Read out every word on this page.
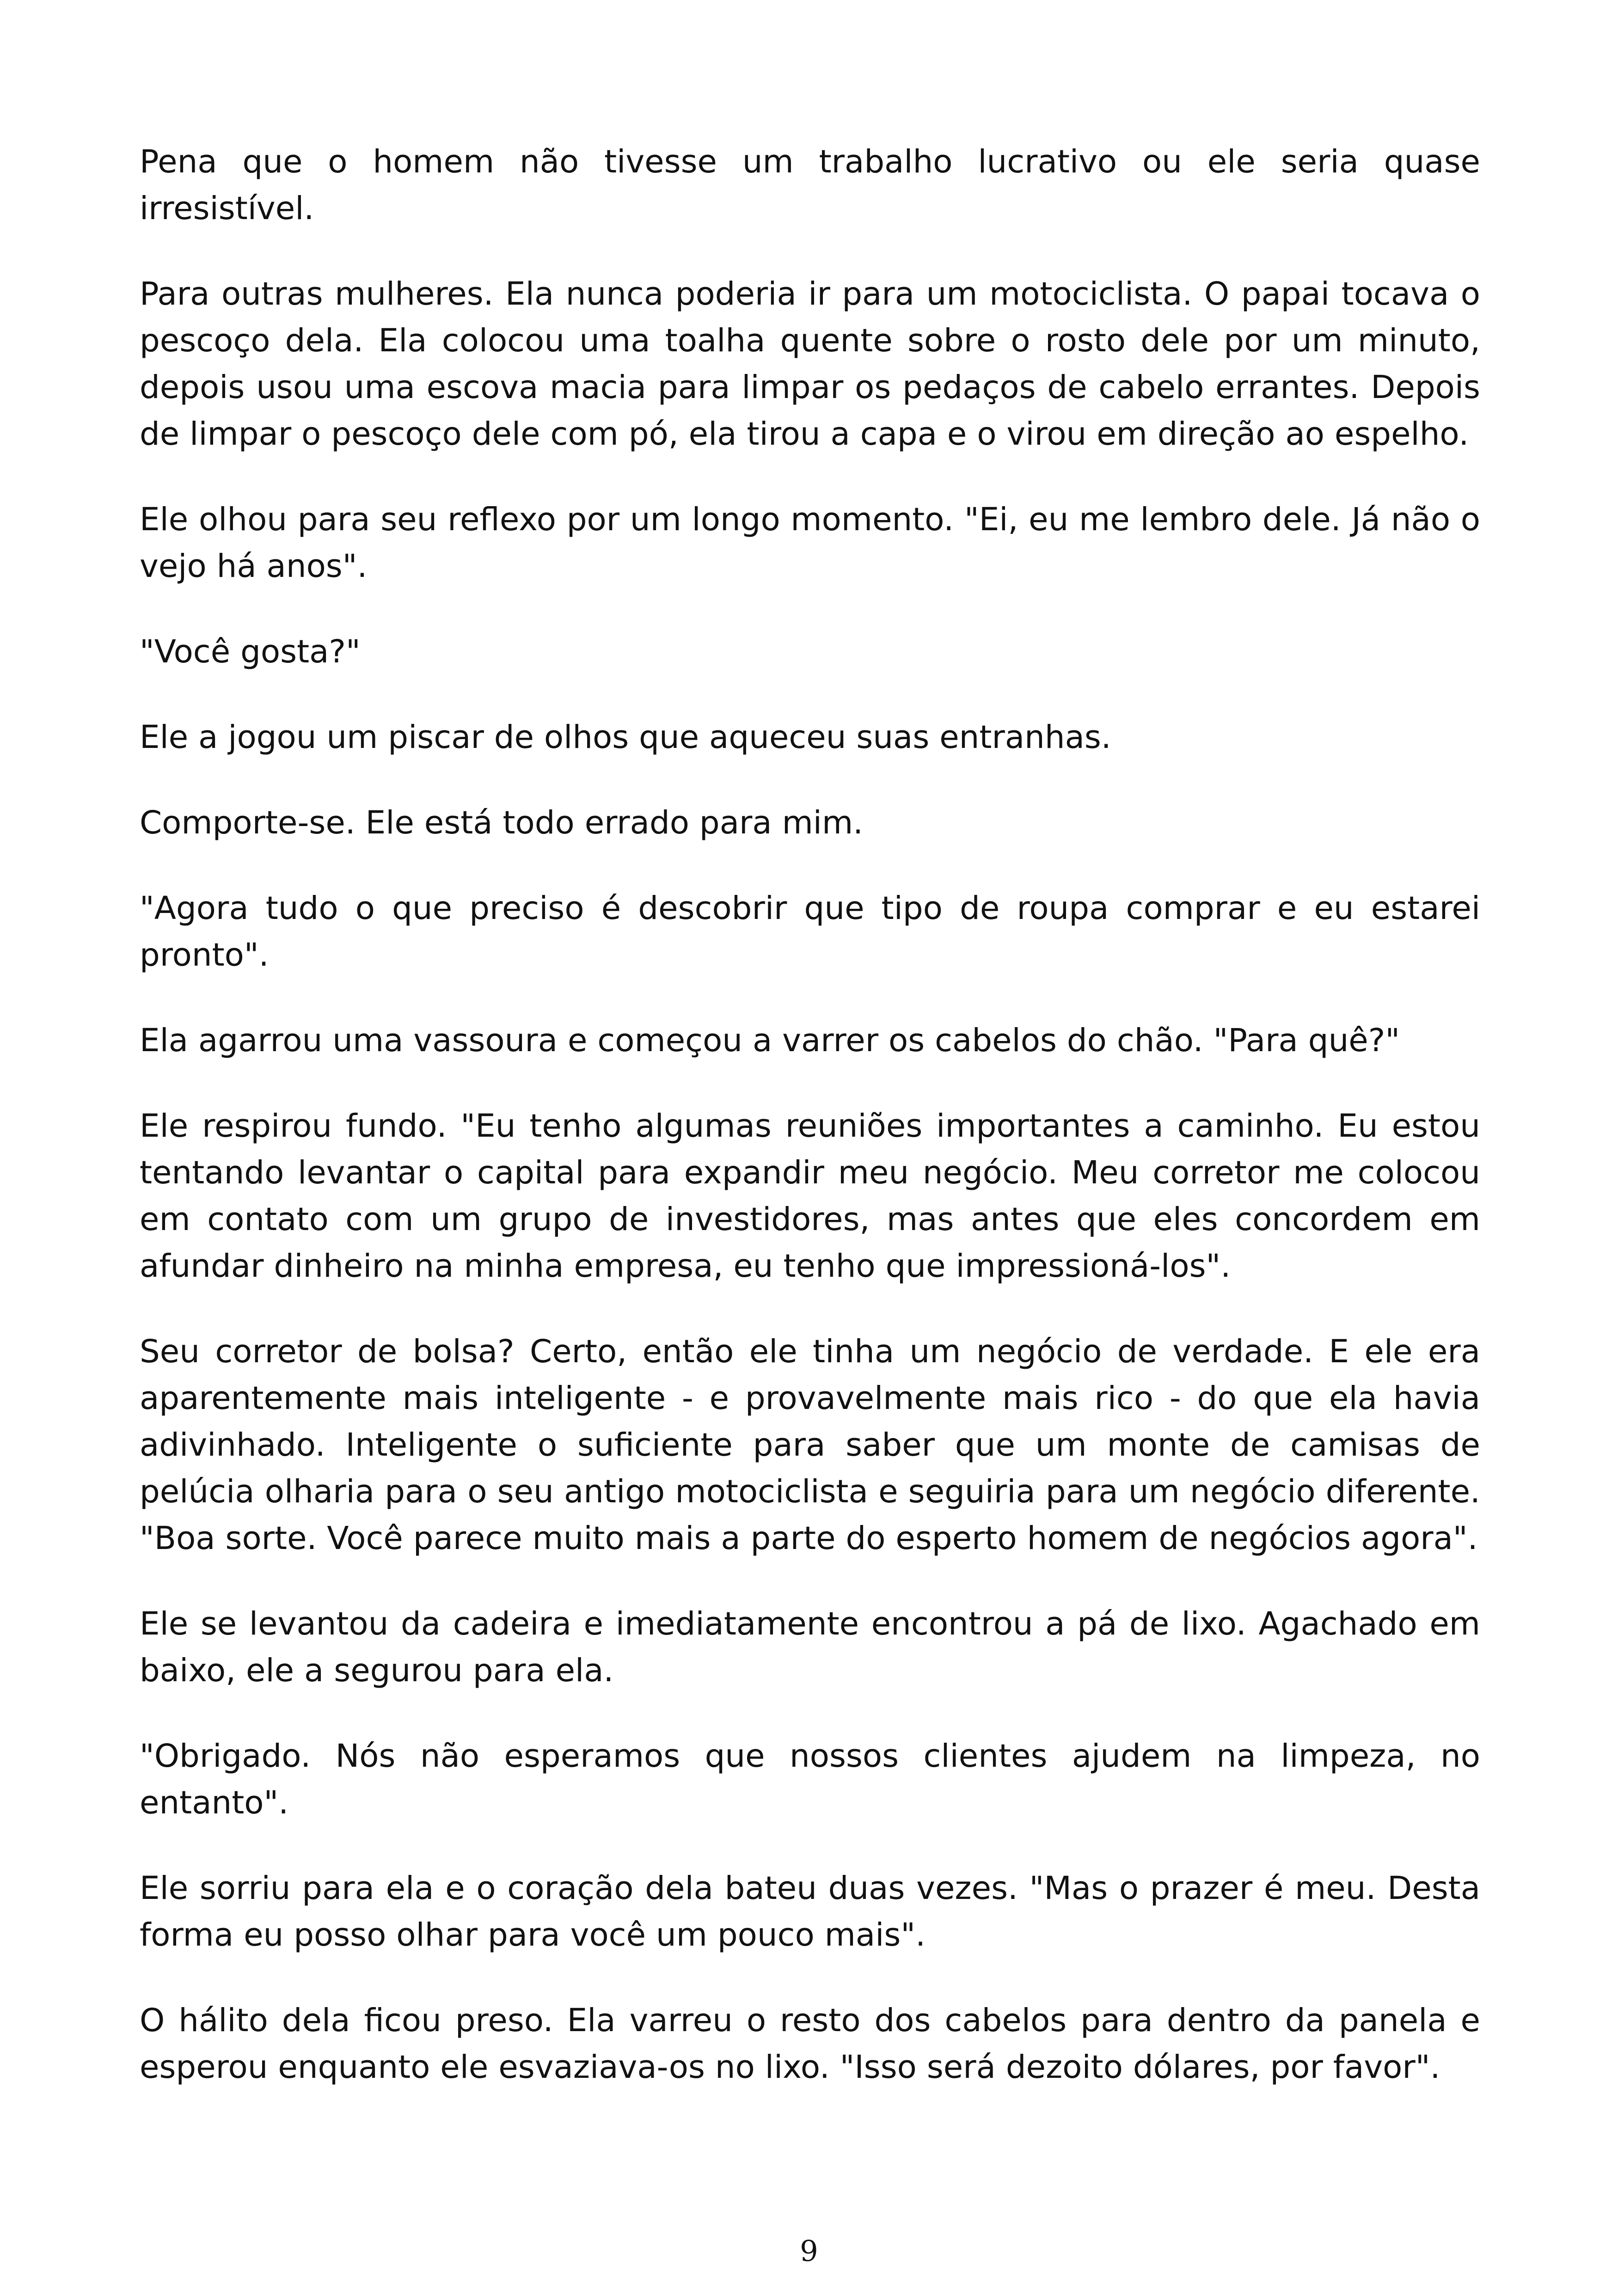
Pena que o homem não tivesse um trabalho lucrativo ou ele seria quase irresistível.

Para outras mulheres. Ela nunca poderia ir para um motociclista. O papai tocava o pescoço dela. Ela colocou uma toalha quente sobre o rosto dele por um minuto, depois usou uma escova macia para limpar os pedaços de cabelo errantes. Depois de limpar o pescoço dele com pó, ela tirou a capa e o virou em direção ao espelho.

Ele olhou para seu reflexo por um longo momento. "Ei, eu me lembro dele. Já não o vejo há anos".

"Você gosta?"

Ele a jogou um piscar de olhos que aqueceu suas entranhas.

Comporte-se. Ele está todo errado para mim.

"Agora tudo o que preciso é descobrir que tipo de roupa comprar e eu estarei pronto".

Ela agarrou uma vassoura e começou a varrer os cabelos do chão. "Para quê?"

Ele respirou fundo. "Eu tenho algumas reuniões importantes a caminho. Eu estou tentando levantar o capital para expandir meu negócio. Meu corretor me colocou em contato com um grupo de investidores, mas antes que eles concordem em afundar dinheiro na minha empresa, eu tenho que impressioná-los".

Seu corretor de bolsa? Certo, então ele tinha um negócio de verdade. E ele era aparentemente mais inteligente - e provavelmente mais rico - do que ela havia adivinhado. Inteligente o suficiente para saber que um monte de camisas de pelúcia olharia para o seu antigo motociclista e seguiria para um negócio diferente. "Boa sorte. Você parece muito mais a parte do esperto homem de negócios agora".

Ele se levantou da cadeira e imediatamente encontrou a pá de lixo. Agachado em baixo, ele a segurou para ela.

"Obrigado. Nós não esperamos que nossos clientes ajudem na limpeza, no entanto".

Ele sorriu para ela e o coração dela bateu duas vezes. "Mas o prazer é meu. Desta forma eu posso olhar para você um pouco mais".

O hálito dela ficou preso. Ela varreu o resto dos cabelos para dentro da panela e esperou enquanto ele esvaziava-os no lixo. "Isso será dezoito dólares, por favor".

9
